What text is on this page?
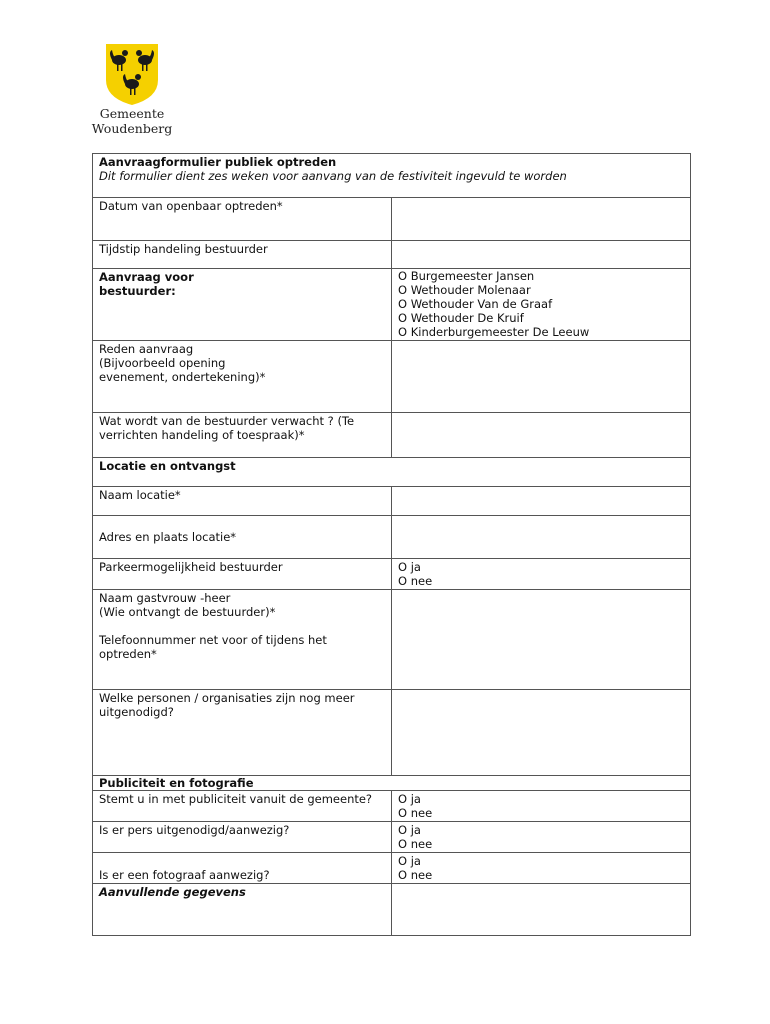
Gemeente
Woudenberg
Aanvraagformulier publiek optreden
Dit formulier dient zes weken voor aanvang van de festiviteit ingevuld te worden	

Datum van openbaar optreden*	
Tijdstip handeling bestuurder	

Aanvraag voor bestuurder:	O Burgemeester Jansen
O Wethouder Molenaar
O Wethouder Van de Graaf
O Wethouder De Kruif
O Kinderburgemeester De Leeuw

Reden aanvraag
(Bijvoorbeeld opening
evenement, ondertekening)*	
Wat wordt van de bestuurder verwacht ? (Te verrichten handeling of toespraak)*	
Locatie en ontvangst	
Naam locatie*	
Adres en plaats locatie*	
Parkeermogelijkheid bestuurder	O ja
O nee

Naam gastvrouw -heer
(Wie ontvangt de bestuurder)*

Telefoonnummer net voor of tijdens het optreden*	
Welke personen / organisaties zijn nog meer uitgenodigd?	
Publiciteit en fotografie	
Stemt u in met publiciteit vanuit de gemeente?	O ja
O nee

Is er pers uitgenodigd/aanwezig?	O ja
O nee

Is er een fotograaf aanwezig?	O ja
O nee

Aanvullende gegevens	
